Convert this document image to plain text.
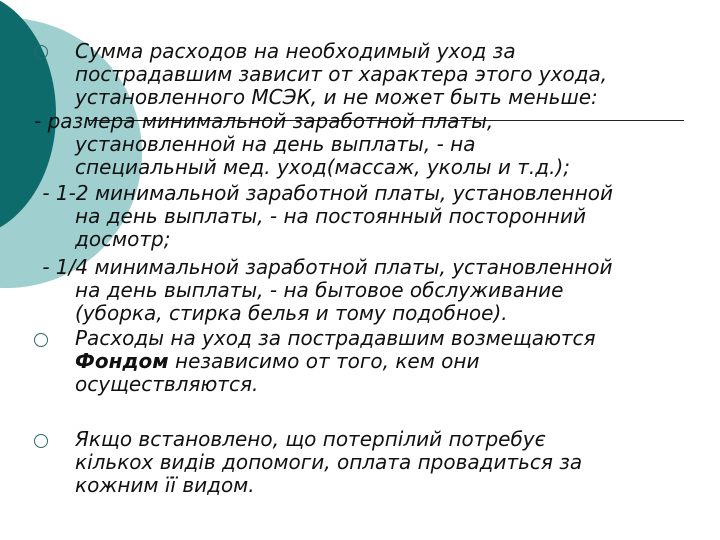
Сумма расходов на необходимый уход за
пострадавшим зависит от характера этого ухода,
установленного МСЭК, и не может быть меньше:
- размера минимальной заработной платы,
установленной на день выплаты, - на
специальный мед. уход(массаж, уколы и т.д.);
- 1-2 минимальной заработной платы, установленной
на день выплаты, - на постоянный посторонний
досмотр;
- 1/4 минимальной заработной платы, установленной
на день выплаты, - на бытовое обслуживание
(уборка, стирка белья и тому подобное).
Расходы на уход за пострадавшим возмещаются
Фондом независимо от того, кем они
осуществляются.
Якщо встановлено, що потерпілий потребує
кількох видів допомоги, оплата провадиться за
кожним її видом.
